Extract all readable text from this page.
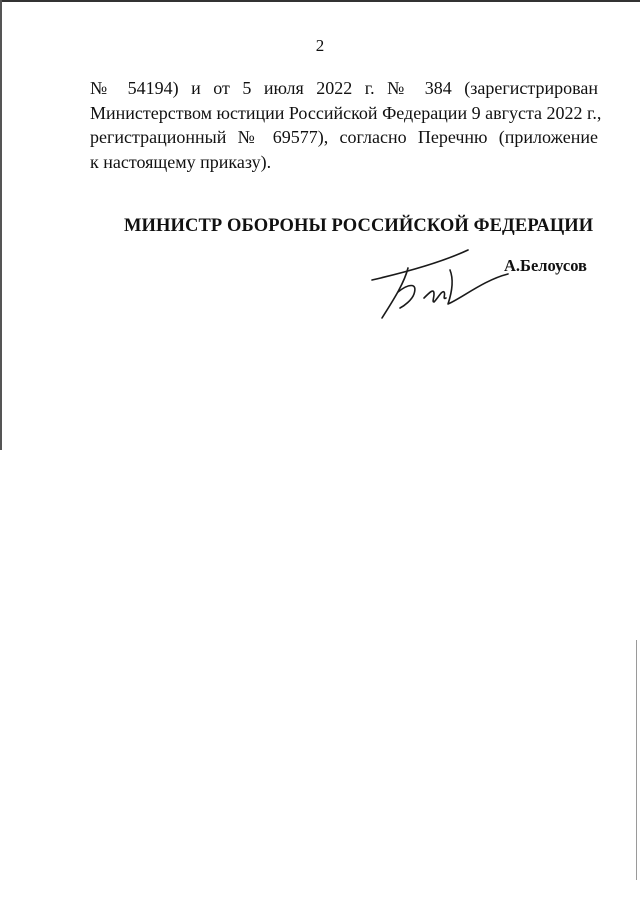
2
№ 54194) и от 5 июля 2022 г. № 384 (зарегистрирован
Министерством юстиции Российской Федерации 9 августа 2022 г.,
регистрационный № 69577), согласно Перечню (приложение
к настоящему приказу).
МИНИСТР ОБОРОНЫ РОССИЙСКОЙ ФЕДЕРАЦИИ
А.Белоусов
